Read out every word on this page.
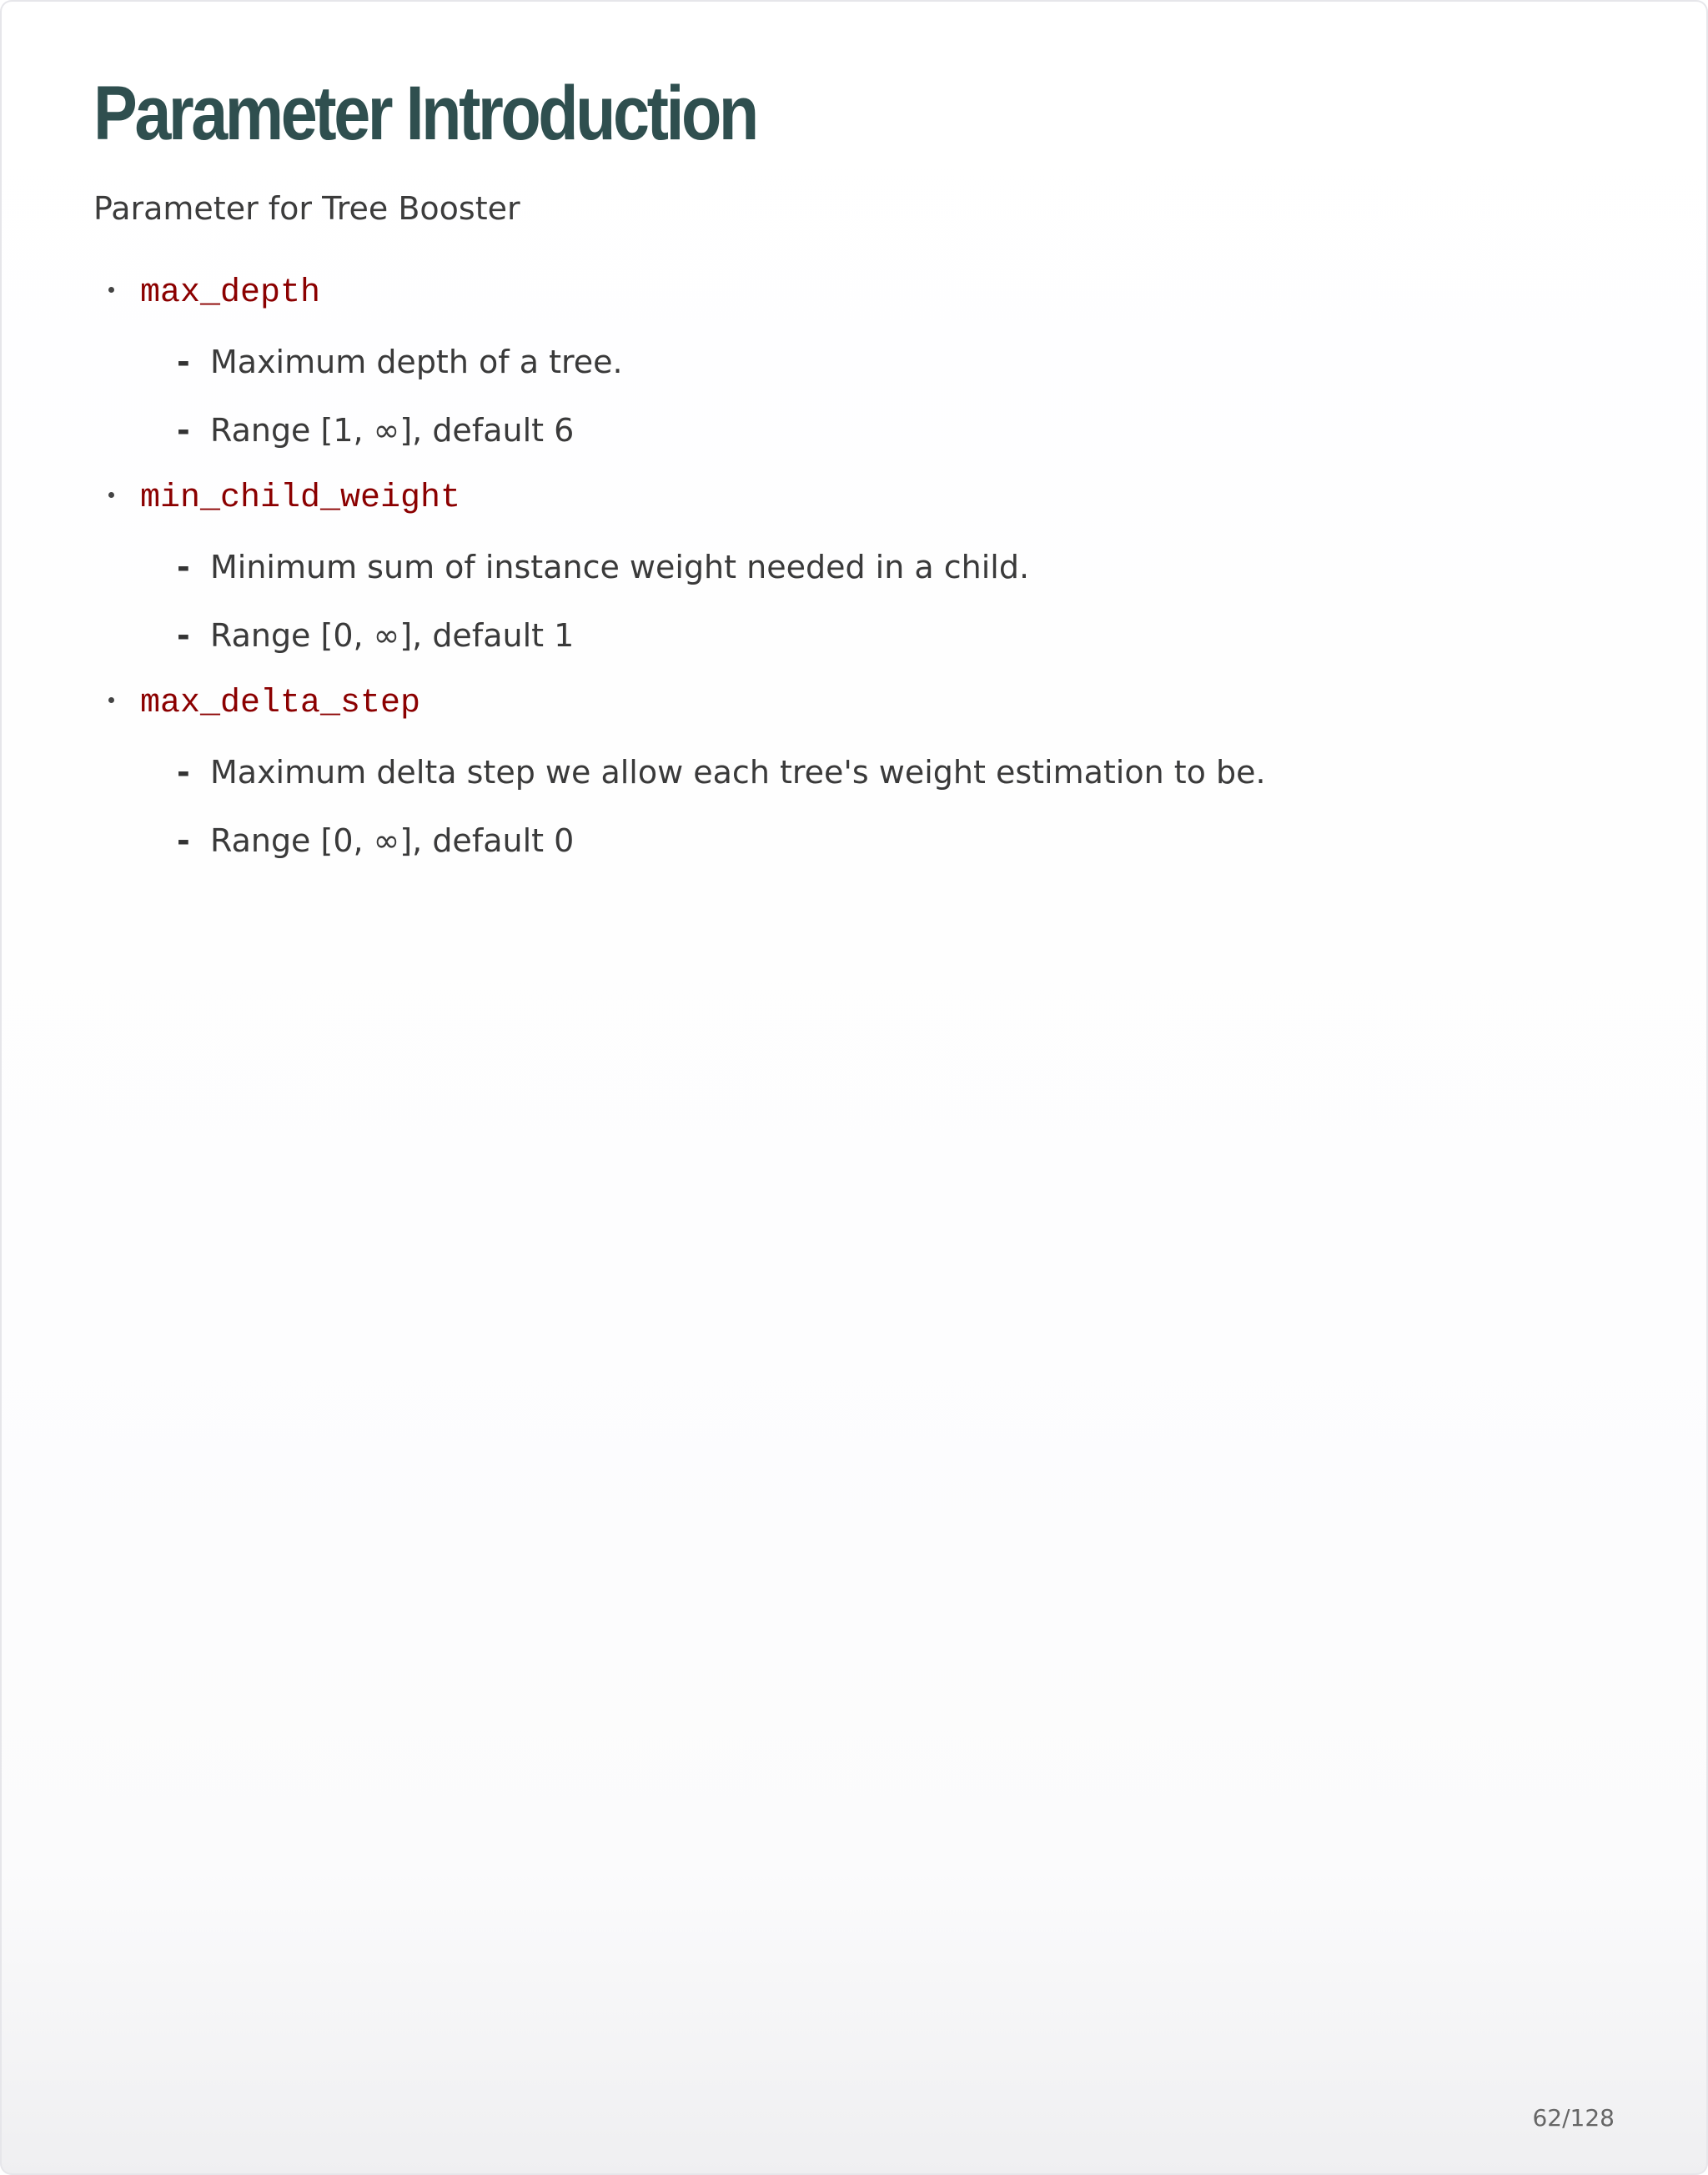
Parameter Introduction

Parameter for Tree Booster

max_depth
- Maximum depth of a tree.
- Range [1, ∞], default 6
min_child_weight
- Minimum sum of instance weight needed in a child.
- Range [0, ∞], default 1
max_delta_step
- Maximum delta step we allow each tree's weight estimation to be.
- Range [0, ∞], default 0
62/128
